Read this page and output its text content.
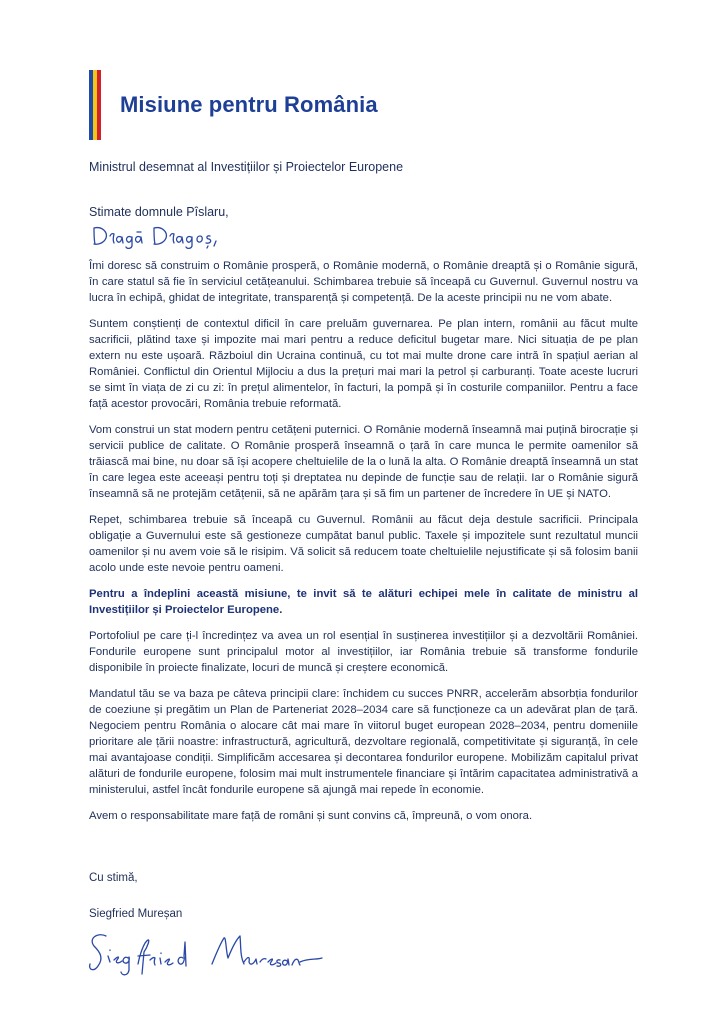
Misiune pentru România
Ministrul desemnat al Investițiilor și Proiectelor Europene
Stimate domnule Pîslaru,

Îmi doresc să construim o Românie prosperă, o Românie modernă, o Românie dreaptă și o Românie sigură, în care statul să fie în serviciul cetățeanului. Schimbarea trebuie să înceapă cu Guvernul. Guvernul nostru va lucra în echipă, ghidat de integritate, transparență și competență. De la aceste principii nu ne vom abate.

Suntem conștienți de contextul dificil în care preluăm guvernarea. Pe plan intern, românii au făcut multe sacrificii, plătind taxe și impozite mai mari pentru a reduce deficitul bugetar mare. Nici situația de pe plan extern nu este ușoară. Războiul din Ucraina continuă, cu tot mai multe drone care intră în spațiul aerian al României. Conflictul din Orientul Mijlociu a dus la prețuri mai mari la petrol și carburanți. Toate aceste lucruri se simt în viața de zi cu zi: în prețul alimentelor, în facturi, la pompă și în costurile companiilor. Pentru a face față acestor provocări, România trebuie reformată.

Vom construi un stat modern pentru cetățeni puternici. O Românie modernă înseamnă mai puțină birocrație și servicii publice de calitate. O Românie prosperă înseamnă o țară în care munca le permite oamenilor să trăiască mai bine, nu doar să își acopere cheltuielile de la o lună la alta. O Românie dreaptă înseamnă un stat în care legea este aceeași pentru toți și dreptatea nu depinde de funcție sau de relații. Iar o Românie sigură înseamnă să ne protejăm cetățenii, să ne apărăm țara și să fim un partener de încredere în UE și NATO.

Repet, schimbarea trebuie să înceapă cu Guvernul. Românii au făcut deja destule sacrificii. Principala obligație a Guvernului este să gestioneze cumpătat banul public. Taxele și impozitele sunt rezultatul muncii oamenilor și nu avem voie să le risipim. Vă solicit să reducem toate cheltuielile nejustificate și să folosim banii acolo unde este nevoie pentru oameni.

Pentru a îndeplini această misiune, te invit să te alături echipei mele în calitate de ministru al Investițiilor și Proiectelor Europene.

Portofoliul pe care ți-l încredințez va avea un rol esențial în susținerea investițiilor și a dezvoltării României. Fondurile europene sunt principalul motor al investițiilor, iar România trebuie să transforme fondurile disponibile în proiecte finalizate, locuri de muncă și creștere economică.

Mandatul tău se va baza pe câteva principii clare: închidem cu succes PNRR, accelerăm absorbția fondurilor de coeziune și pregătim un Plan de Parteneriat 2028–2034 care să funcționeze ca un adevărat plan de țară. Negociem pentru România o alocare cât mai mare în viitorul buget european 2028–2034, pentru domeniile prioritare ale țării noastre: infrastructură, agricultură, dezvoltare regională, competitivitate și siguranță, în cele mai avantajoase condiții. Simplificăm accesarea și decontarea fondurilor europene. Mobilizăm capitalul privat alături de fondurile europene, folosim mai mult instrumentele financiare și întărim capacitatea administrativă a ministerului, astfel încât fondurile europene să ajungă mai repede în economie.

Avem o responsabilitate mare față de români și sunt convins că, împreună, o vom onora.

Cu stimă,
Siegfried Mureșan
